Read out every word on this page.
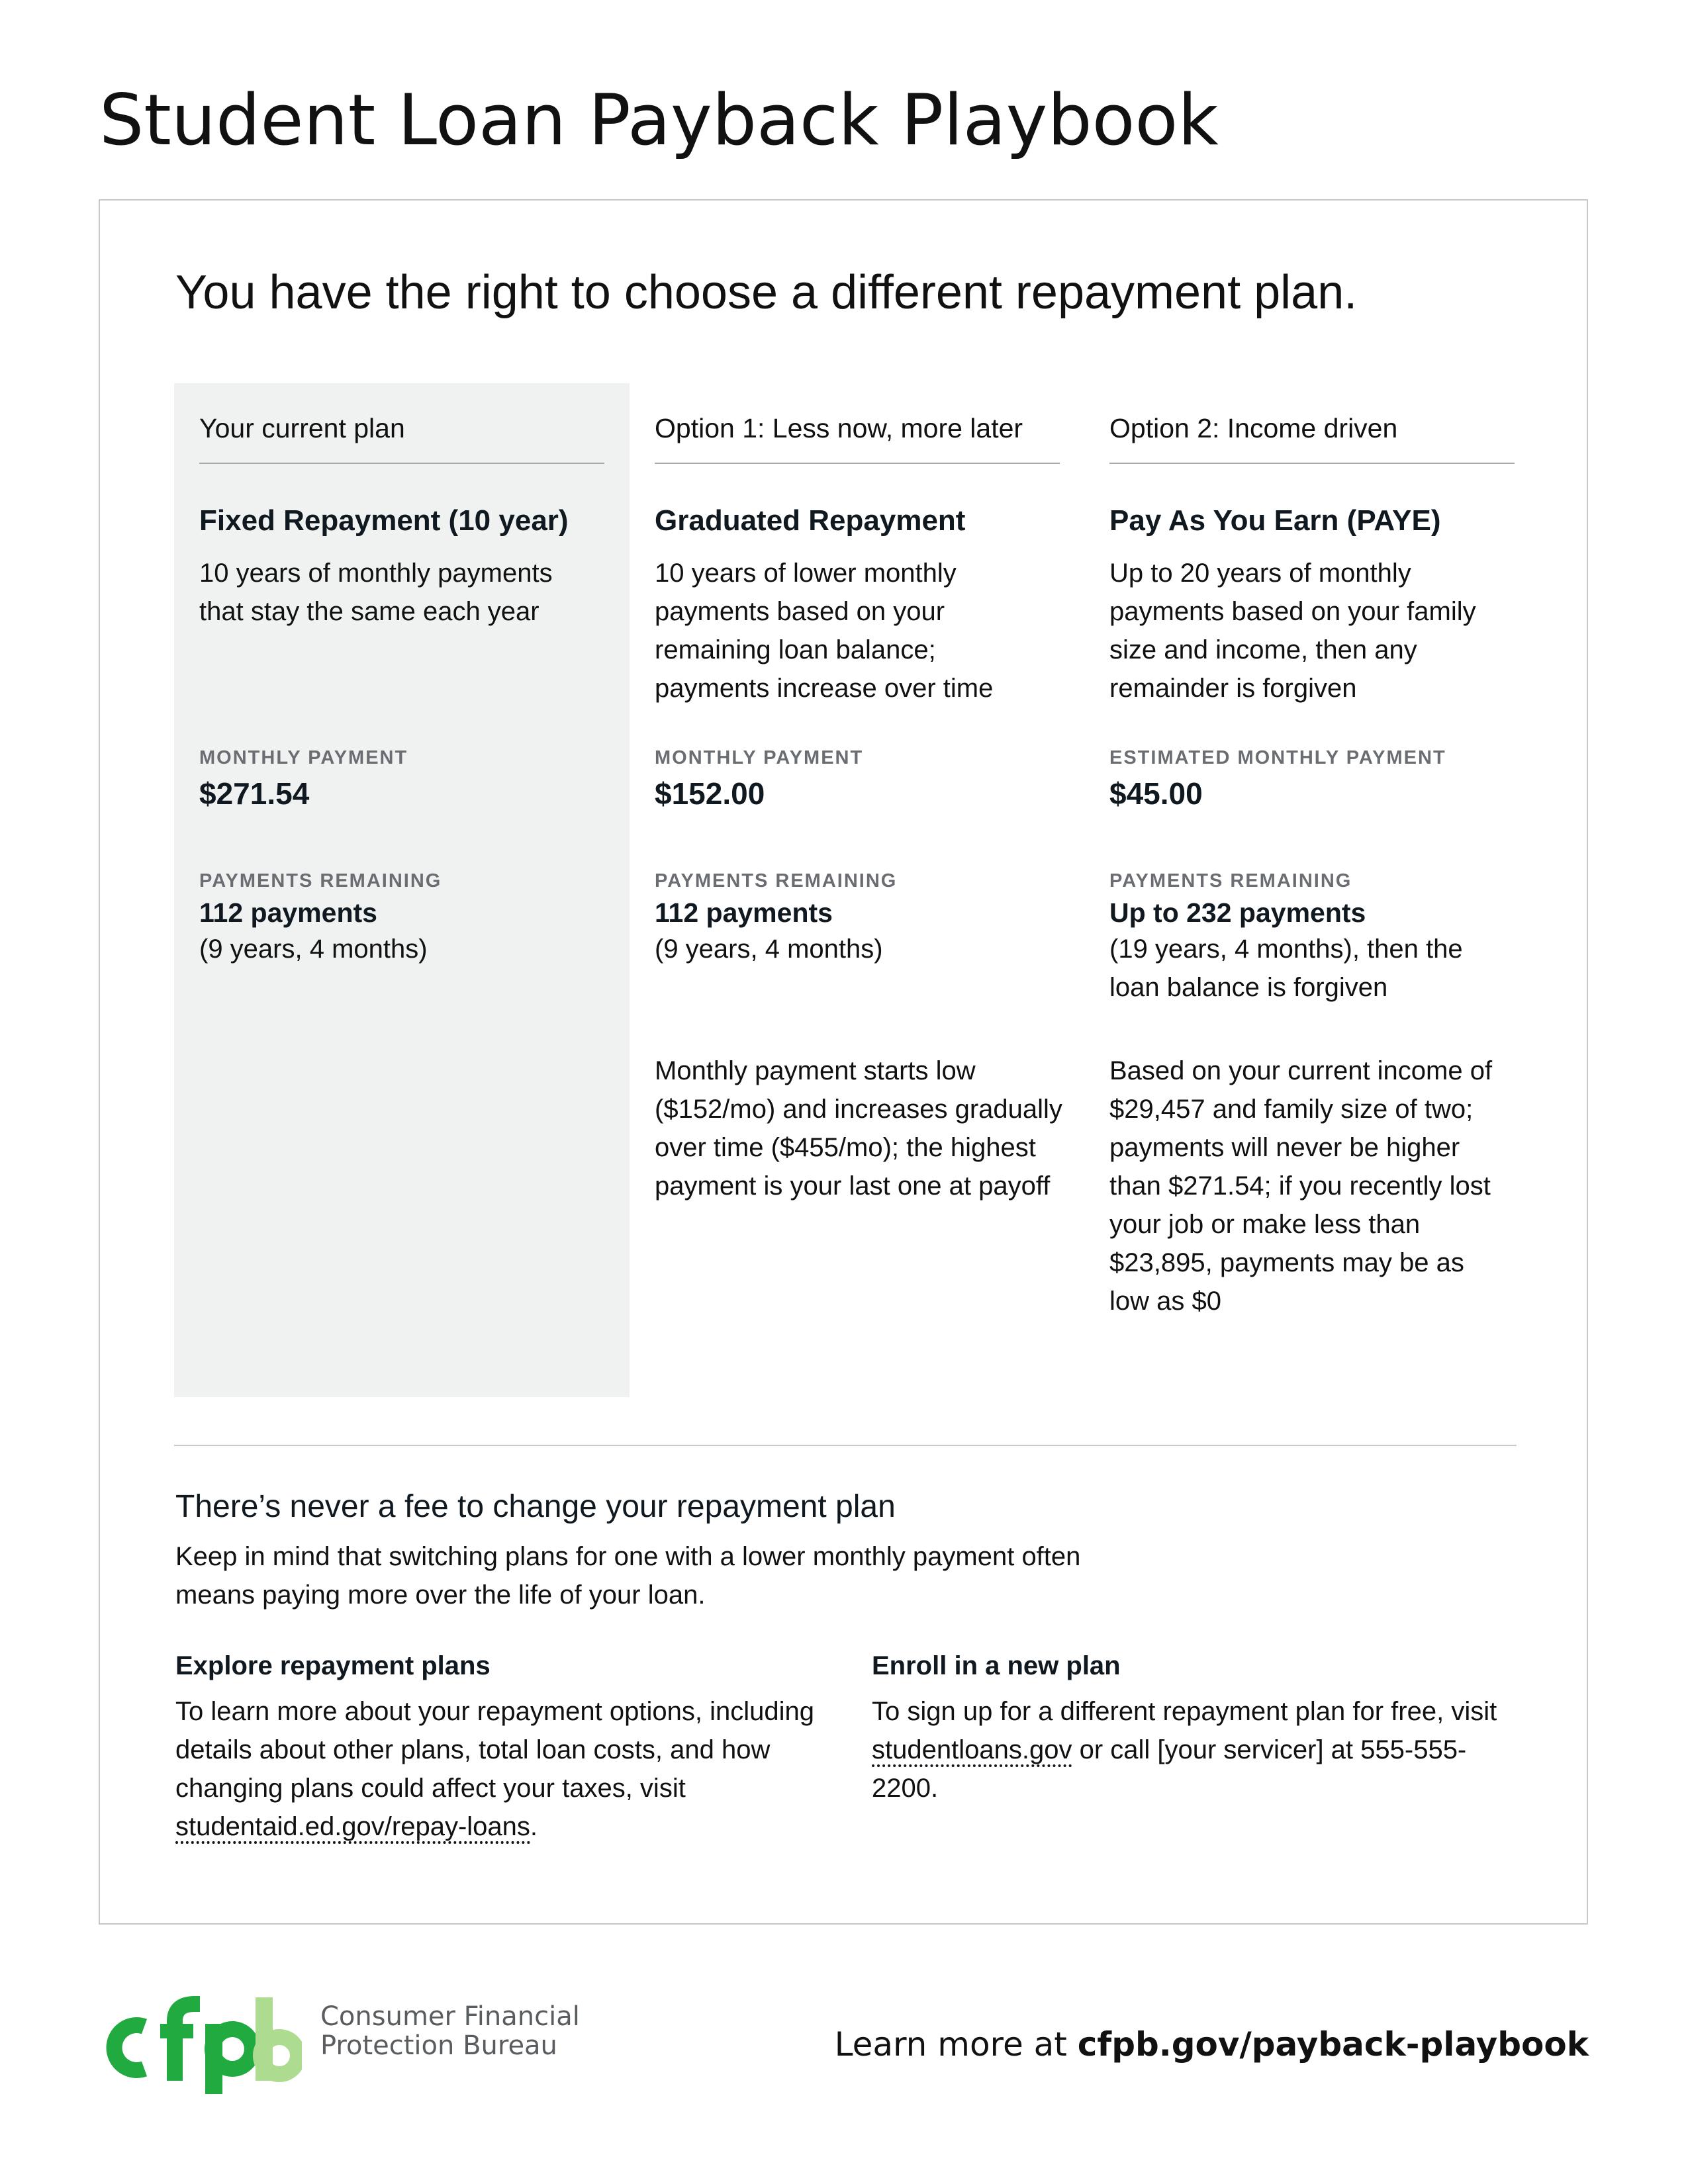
Student Loan Payback Playbook
You have the right to choose a different repayment plan.
Your current plan
Fixed Repayment (10 year)
10 years of monthly payments that stay the same each year
MONTHLY PAYMENT
$271.54
PAYMENTS REMAINING
112 payments
(9 years, 4 months)
Option 1: Less now, more later
Graduated Repayment
10 years of lower monthly payments based on your remaining loan balance; payments increase over time
MONTHLY PAYMENT
$152.00
PAYMENTS REMAINING
112 payments
(9 years, 4 months)
Monthly payment starts low ($152/mo) and increases gradually over time ($455/mo); the highest payment is your last one at payoff
Option 2: Income driven
Pay As You Earn (PAYE)
Up to 20 years of monthly payments based on your family size and income, then any remainder is forgiven
ESTIMATED MONTHLY PAYMENT
$45.00
PAYMENTS REMAINING
Up to 232 payments
(19 years, 4 months), then the loan balance is forgiven
Based on your current income of $29,457 and family size of two; payments will never be higher than $271.54; if you recently lost your job or make less than $23,895, payments may be as low as $0
There’s never a fee to change your repayment plan
Keep in mind that switching plans for one with a lower monthly payment often means paying more over the life of your loan.
Explore repayment plans
To learn more about your repayment options, including details about other plans, total loan costs, and how changing plans could affect your taxes, visit studentaid.ed.gov/repay-loans.
Enroll in a new plan
To sign up for a different repayment plan for free, visit studentloans.gov or call [your servicer] at 555-555-2200.
Consumer Financial
Protection Bureau	Learn more at cfpb.gov/payback-playbook
